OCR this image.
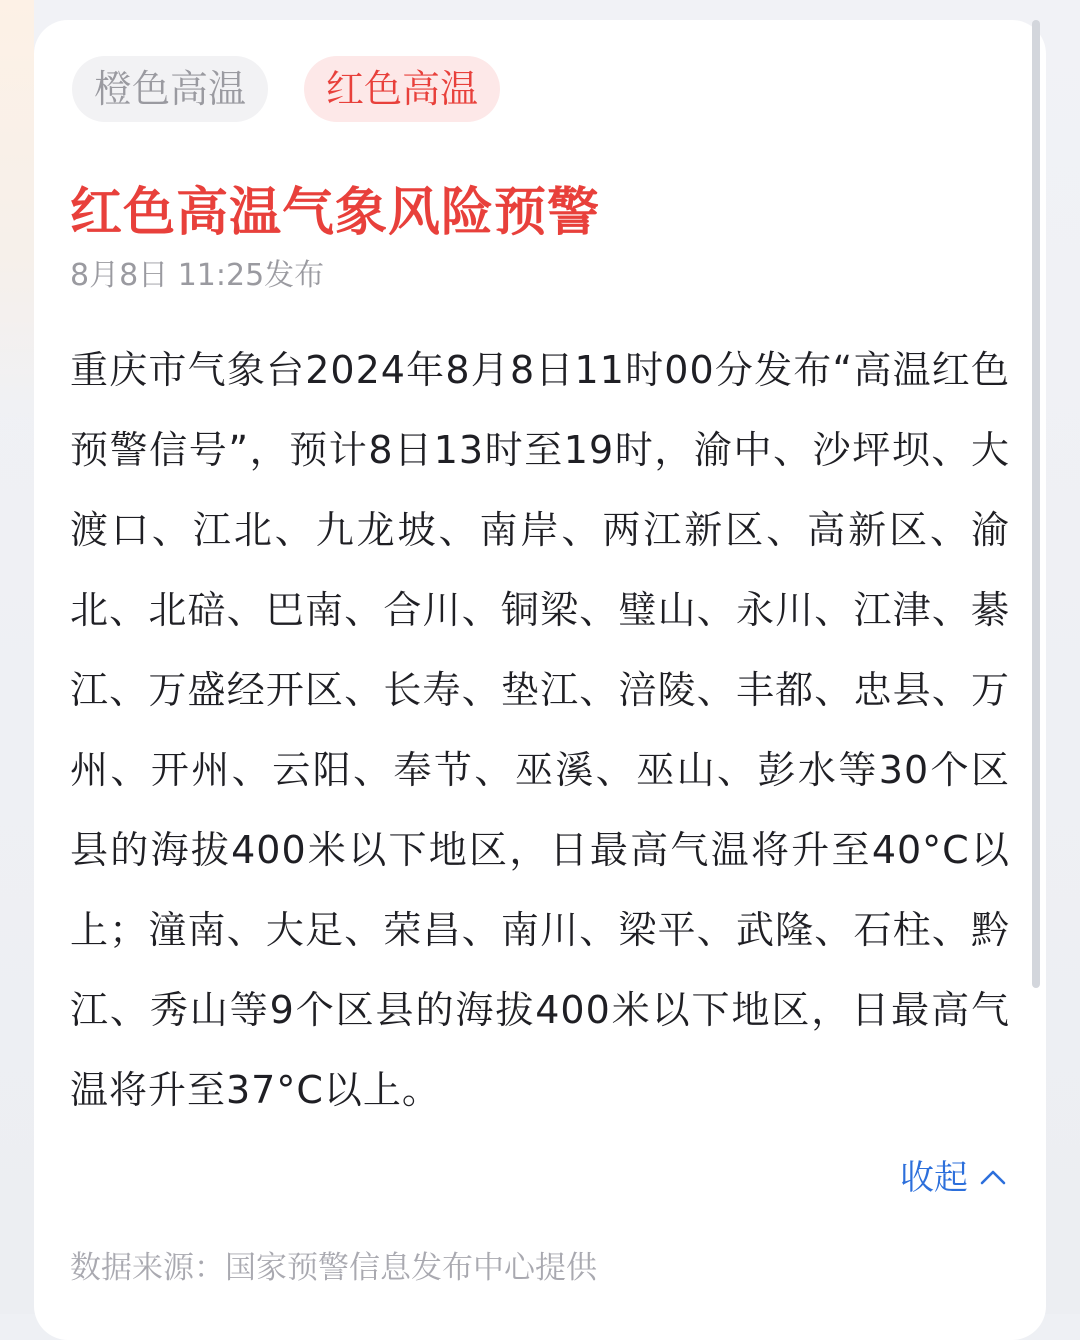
橙色高温	红色高温
红色高温气象风险预警
8月8日 11:25发布
重庆市气象台2024年8月8日11时00分发布“高温红色预警信号”，预计8日13时至19时，渝中、沙坪坝、大渡口、江北、九龙坡、南岸、两江新区、高新区、渝北、北碚、巴南、合川、铜梁、璧山、永川、江津、綦江、万盛经开区、长寿、垫江、涪陵、丰都、忠县、万州、开州、云阳、奉节、巫溪、巫山、彭水等30个区县的海拔400米以下地区，日最高气温将升至40°C以上；潼南、大足、荣昌、南川、梁平、武隆、石柱、黔江、秀山等9个区县的海拔400米以下地区，日最高气温将升至37°C以上。
收起
数据来源：国家预警信息发布中心提供
